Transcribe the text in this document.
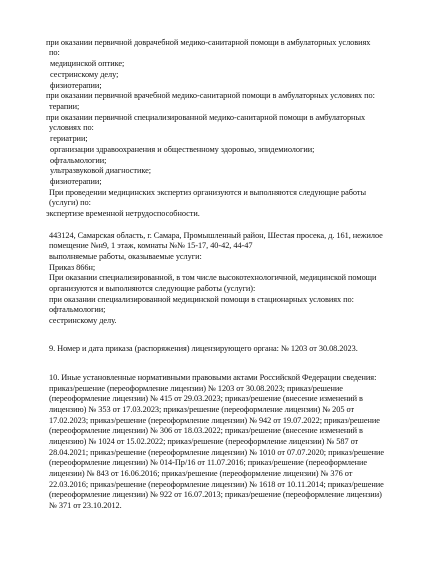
при оказании первичной доврачебной медико-санитарной помощи в амбулаторных условиях
по:
медицинской оптике;
сестринскому делу;
физиотерапии;
при оказании первичной врачебной медико-санитарной помощи в амбулаторных условиях по:
терапии;
при оказании первичной специализированной медико-санитарной помощи в амбулаторных
условиях по:
гериатрии;
организации здравоохранения и общественному здоровью, эпидемиологии;
офтальмологии;
ультразвуковой диагностике;
физиотерапии;
При проведении медицинских экспертиз организуются и выполняются следующие работы
(услуги) по:
экспертизе временной нетрудоспособности.
443124, Самарская область, г. Самара, Промышленный район, Шестая просека, д. 161, нежилое
помещение №н9, 1 этаж, комнаты №№ 15-17, 40-42, 44-47
выполняемые работы, оказываемые услуги:
Приказ 866н;
При оказании специализированной, в том числе высокотехнологичной, медицинской помощи
организуются и выполняются следующие работы (услуги):
при оказании специализированной медицинской помощи в стационарных условиях по:
офтальмологии;
сестринскому делу.
9. Номер и дата приказа (распоряжения) лицензирующего органа: № 1203 от 30.08.2023.
10. Иные установленные нормативными правовыми актами Российской Федерации сведения:
приказ/решение (переоформление лицензии) № 1203 от 30.08.2023; приказ/решение
(переоформление лицензии) № 415 от 29.03.2023; приказ/решение (внесение изменений в
лицензию) № 353 от 17.03.2023; приказ/решение (переоформление лицензии) № 205 от
17.02.2023; приказ/решение (переоформление лицензии) № 942 от 19.07.2022; приказ/решение
(переоформление лицензии) № 306 от 18.03.2022; приказ/решение (внесение изменений в
лицензию) № 1024 от 15.02.2022; приказ/решение (переоформление лицензии) № 587 от
28.04.2021; приказ/решение (переоформление лицензии) № 1010 от 07.07.2020; приказ/решение
(переоформление лицензии) № 014-Пр/16 от 11.07.2016; приказ/решение (переоформление
лицензии) № 843 от 16.06.2016; приказ/решение (переоформление лицензии) № 376 от
22.03.2016; приказ/решение (переоформление лицензии) № 1618 от 10.11.2014; приказ/решение
(переоформление лицензии) № 922 от 16.07.2013; приказ/решение (переоформление лицензии)
№ 371 от 23.10.2012.
